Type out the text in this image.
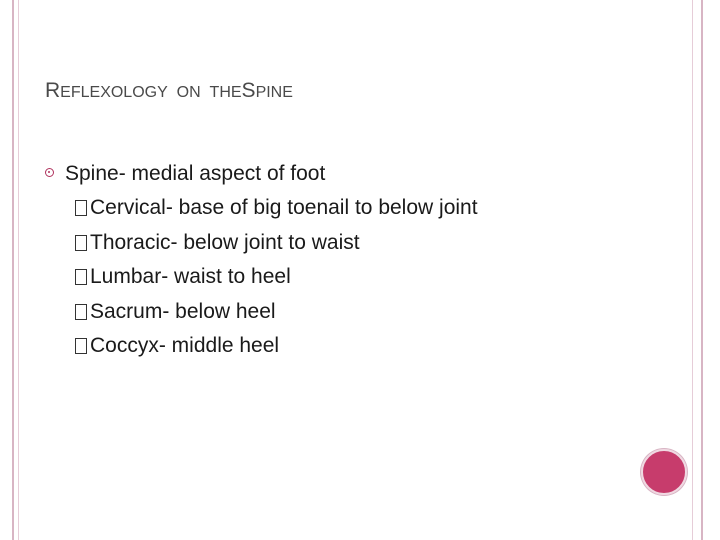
REFLEXOLOGY ON THESPINE
Spine- medial aspect of foot
Cervical- base of big toenail to below joint
Thoracic- below joint to waist
Lumbar- waist to heel
Sacrum- below heel
Coccyx- middle heel
